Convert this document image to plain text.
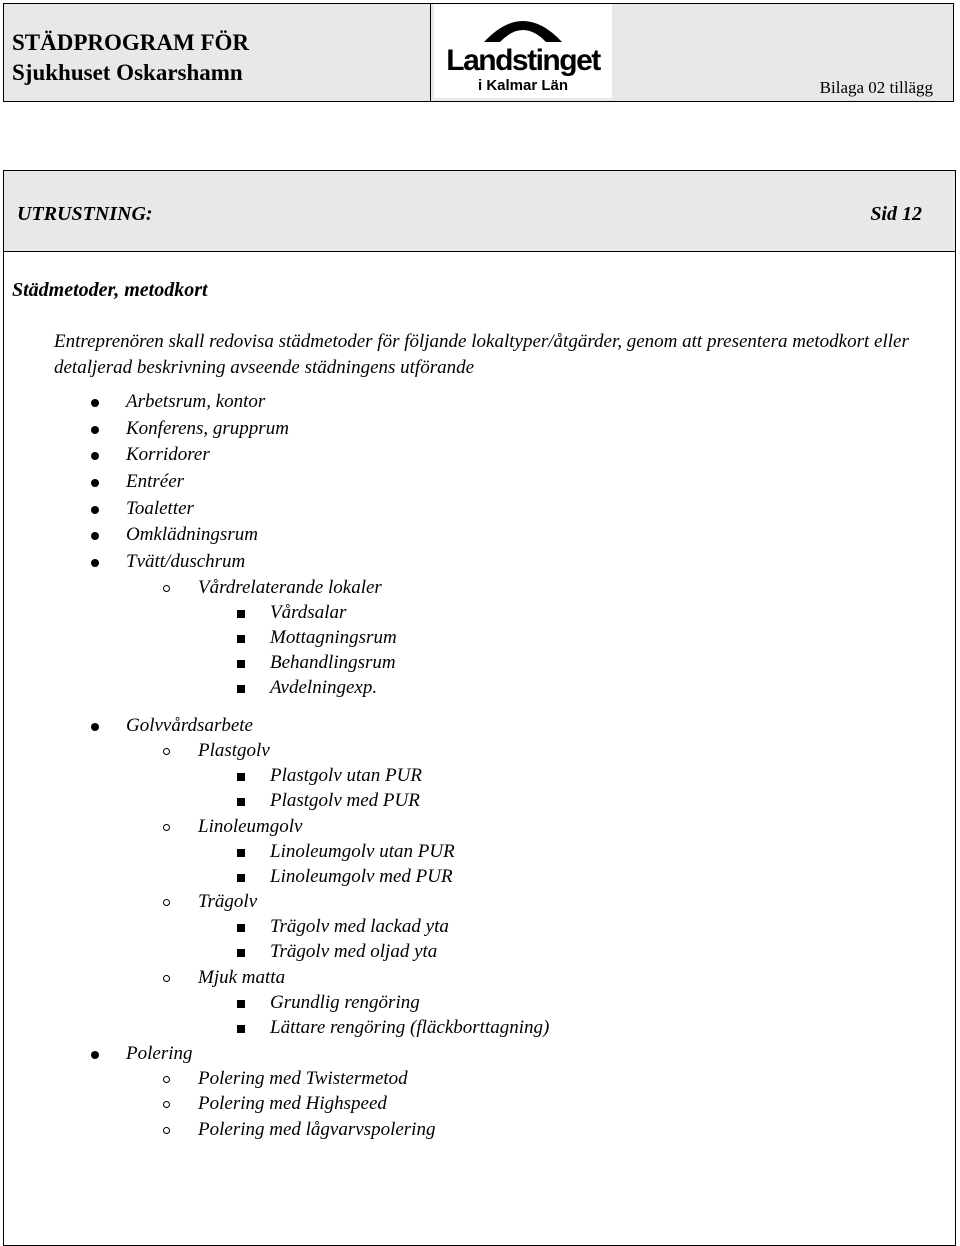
STÄDPROGRAM FÖR
Sjukhuset Oskarshamn	Landstinget
i Kalmar Län	Bilaga 02 tillägg
UTRUSTNING:	Sid 12
Städmetoder, metodkort
Entreprenören skall redovisa städmetoder för följande lokaltyper/åtgärder, genom att presentera metodkort eller detaljerad beskrivning avseende städningens utförande
Arbetsrum, kontor
Konferens, grupprum
Korridorer
Entréer
Toaletter
Omklädningsrum
Tvätt/duschrum
Vårdrelaterande lokaler
Vårdsalar
Mottagningsrum
Behandlingsrum
Avdelningexp.
Golvvårdsarbete
Plastgolv
Plastgolv utan PUR
Plastgolv med PUR
Linoleumgolv
Linoleumgolv utan PUR
Linoleumgolv med PUR
Trägolv
Trägolv med lackad yta
Trägolv med oljad yta
Mjuk matta
Grundlig rengöring
Lättare rengöring (fläckborttagning)
Polering
Polering med Twistermetod
Polering med Highspeed
Polering med lågvarvspolering
